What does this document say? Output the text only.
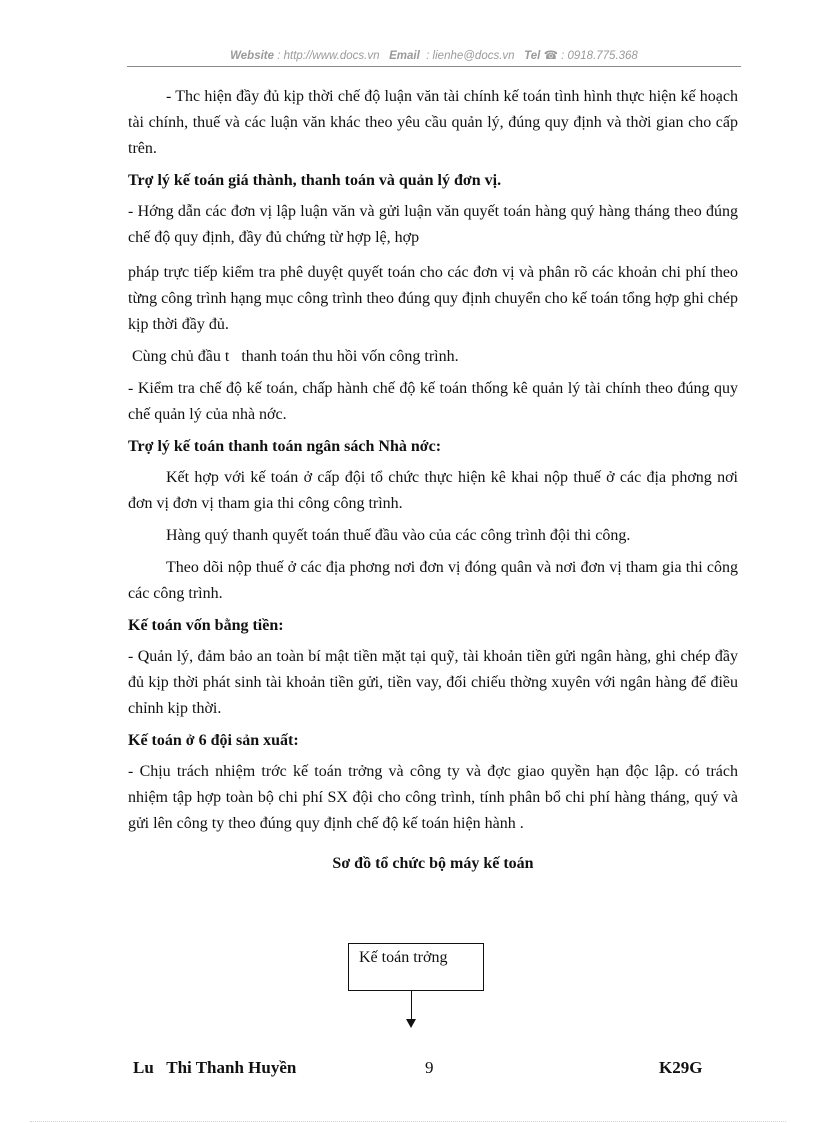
Website : http://www.docs.vn Email : lienhe@docs.vn Tel ☎ : 0918.775.368

- Thc hiện đầy đủ kịp thời chế độ luận văn tài chính kế toán tình hình thực hiện kế hoạch tài chính, thuế và các luận văn khác theo yêu cầu quản lý, đúng quy định và thời gian cho cấp trên.

Trợ lý kế toán giá thành, thanh toán và quản lý đơn vị.

- Hớng dẫn các đơn vị lập luận văn và gửi luận văn quyết toán hàng quý hàng tháng theo đúng chế độ quy định, đầy đủ chứng từ hợp lệ, hợp

pháp trực tiếp kiểm tra phê duyệt quyết toán cho các đơn vị và phân rõ các khoản chi phí theo từng công trình hạng mục công trình theo đúng quy định chuyển cho kế toán tổng hợp ghi chép kịp thời đầy đủ.

Cùng chủ đầu t   thanh toán thu hồi vốn công trình.

- Kiểm tra chế độ kế toán, chấp hành chế độ kế toán thống kê quản lý tài chính theo đúng quy chế quản lý của nhà nớc.

Trợ lý kế toán thanh toán ngân sách Nhà nớc:

Kết hợp với kế toán ở cấp đội tổ chức thực hiện kê khai nộp thuế ở các địa phơng nơi đơn vị đơn vị tham gia thi công công trình.

Hàng quý thanh quyết toán thuế đầu vào của các công trình đội thi công.

Theo dõi nộp thuế ở các địa phơng nơi đơn vị đóng quân và nơi đơn vị tham gia thi công các công trình.

Kế toán vốn bằng tiền:

- Quản lý, đảm bảo an toàn bí mật tiền mặt tại quỹ, tài khoản tiền gửi ngân hàng, ghi chép đầy đủ kịp thời phát sinh tài khoản tiền gửi, tiền vay, đối chiếu thờng xuyên với ngân hàng để điều chỉnh kịp thời.

Kế toán ở 6 đội sản xuất:

- Chịu trách nhiệm trớc kế toán trởng và công ty và đợc giao quyền hạn độc lập. có trách nhiệm tập hợp toàn bộ chi phí SX đội cho công trình, tính phân bổ chi phí hàng tháng, quý và gửi lên công ty theo đúng quy định chế độ kế toán hiện hành .

Sơ đồ tổ chức bộ máy kế toán

Kế toán trởng
Lu   Thi Thanh Huyền	9	K29G
